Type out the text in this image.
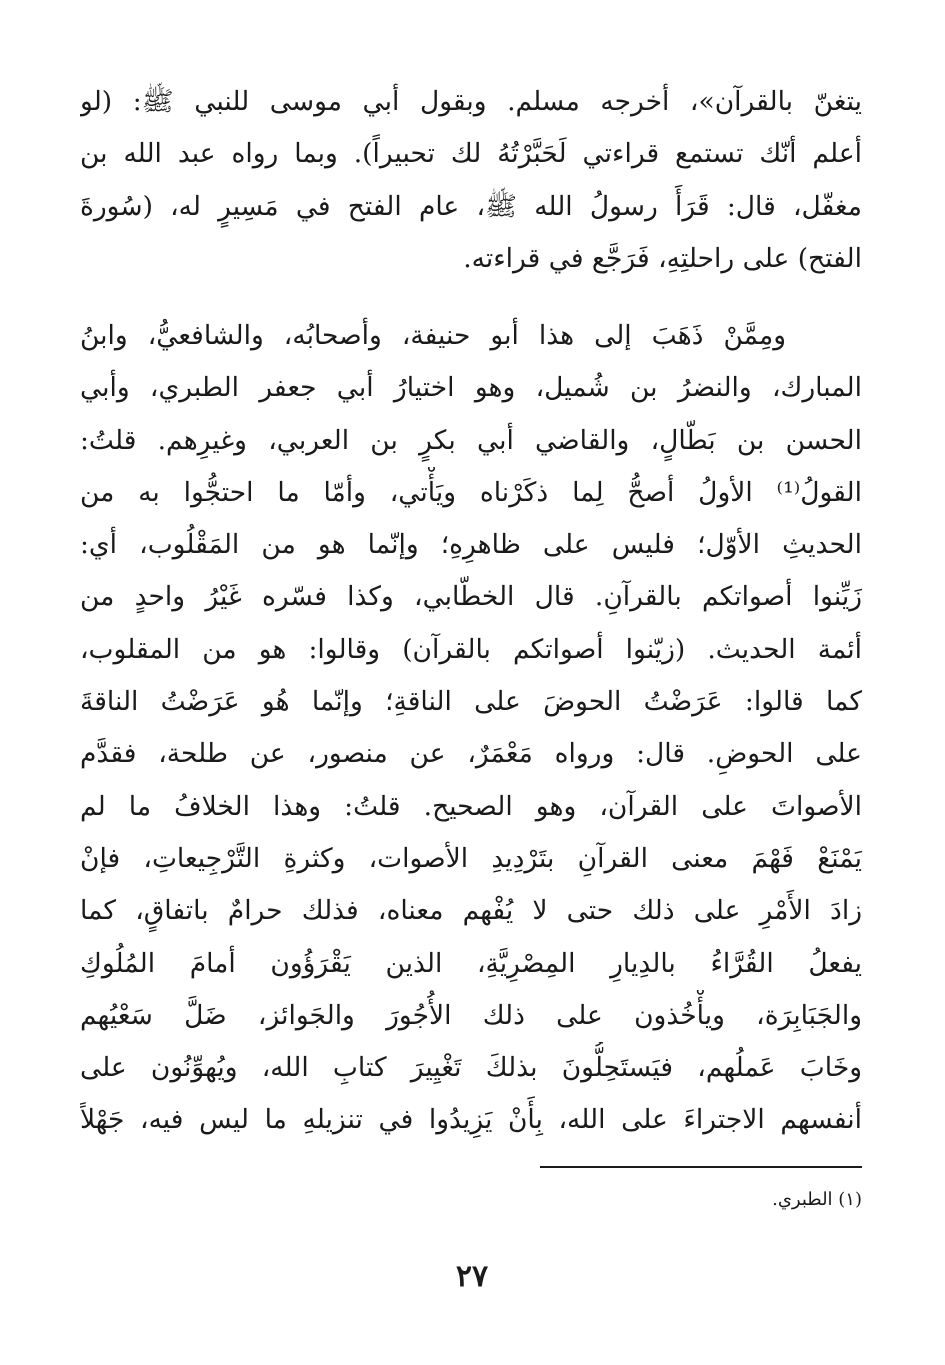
يتغنّ بالقرآن»، أخرجه مسلم. وبقول أبي موسى للنبي ﷺ: (لو
أعلم أنّك تستمع قراءتي لَحَبَّرْتُهُ لك تحبيراً). وبما رواه عبد الله بن
مغفّل، قال: قَرَأَ رسولُ الله ﷺ، عام الفتح في مَسِيرٍ له، (سُورةَ
الفتح) على راحلتِهِ، فَرَجَّع في قراءته.
ومِمَّنْ ذَهَبَ إلى هذا أبو حنيفة، وأصحابُه، والشافعيُّ، وابنُ
المبارك، والنضرُ بن شُميل، وهو اختيارُ أبي جعفر الطبري، وأبي
الحسن بن بَطّالٍ، والقاضي أبي بكرٍ بن العربي، وغيرِهم. قلتُ:
القولُ⁽¹⁾ الأولُ أصحُّ لِما ذكَرْناه ويَأْتي، وأمّا ما احتجُّوا به من
الحديثِ الأوّل؛ فليس على ظاهرِهِ؛ وإنّما هو من المَقْلُوب، أي:
زَيِّنوا أصواتكم بالقرآنِ. قال الخطّابي، وكذا فسّره غَيْرُ واحدٍ من
أئمة الحديث. (زيّنوا أصواتكم بالقرآن) وقالوا: هو من المقلوب،
كما قالوا: عَرَضْتُ الحوضَ على الناقةِ؛ وإنّما هُو عَرَضْتُ الناقةَ
على الحوضِ. قال: ورواه مَعْمَرٌ، عن منصور، عن طلحة، فقدَّم
الأصواتَ على القرآن، وهو الصحيح. قلتُ: وهذا الخلافُ ما لم
يَمْنَعْ فَهْمَ معنى القرآنِ بتَرْدِيدِ الأصوات، وكثرةِ التَّرْجِيعاتِ، فإنْ
زادَ الأَمْرِ على ذلك حتى لا يُفْهم معناه، فذلك حرامٌ باتفاقٍ، كما
يفعلُ القُرَّاءُ بالدِيارِ المِصْرِيَّةِ، الذين يَقْرَؤُون أمامَ المُلُوكِ
والجَبَابِرَة، ويأْخُذون على ذلك الأُجُورَ والجَوائز، ضَلَّ سَعْيُهم
وخَابَ عَملُهم، فيَستَحِلُّونَ بذلكَ تَغْيِيرَ كتابِ الله، ويُهوِّنُون على
أنفسهم الاجتراءَ على الله، بِأَنْ يَزِيدُوا في تنزيلهِ ما ليس فيه، جَهْلاً
(١) الطبري.
٢٧
